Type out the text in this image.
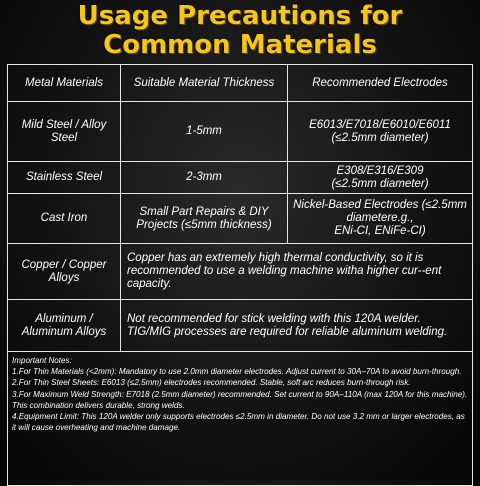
Usage Precautions for
Common Materials
Metal Materials	Suitable Material Thickness	Recommended Electrodes
Mild Steel / Alloy Steel	1-5mm	E6013/E7018/E6010/E6011
(≤2.5mm diameter)

Stainless Steel	2-3mm	E308/E316/E309
(≤2.5mm diameter)

Cast Iron	Small Part Repairs & DIY Projects (≤5mm thickness)	Nickel-Based Electrodes (≤2.5mm diametere.g.,
ENi-CI, ENiFe-CI)

Copper / Copper Alloys	Copper has an extremely high thermal conductivity, so it is recommended to use a welding machine witha higher cur--ent capacity.	
Aluminum / Aluminum Alloys	Not recommended for stick welding with this 120A welder. TIG/MIG processes are required for reliable aluminum welding.	

Important Notes:

1.For Thin Materials (<2mm): Mandatory to use 2.0mm diameter electrodes. Adjust current to 30A–70A to avoid burn-through.

2.For Thin Steel Sheets: E6013 (≤2.5mm) electrodes recommended. Stable, soft arc reduces burn-through risk.

3.For Maximum Weld Strength: E7018 (2.5mm diameter) recommended. Set current to 90A–110A (max 120A for this machine). This combination delivers durable, strong welds.

4.Equipment Limit: This 120A welder only supports electrodes ≤2.5mm in diameter. Do not use 3.2 mm or larger electrodes, as it will cause overheating and machine damage.		
